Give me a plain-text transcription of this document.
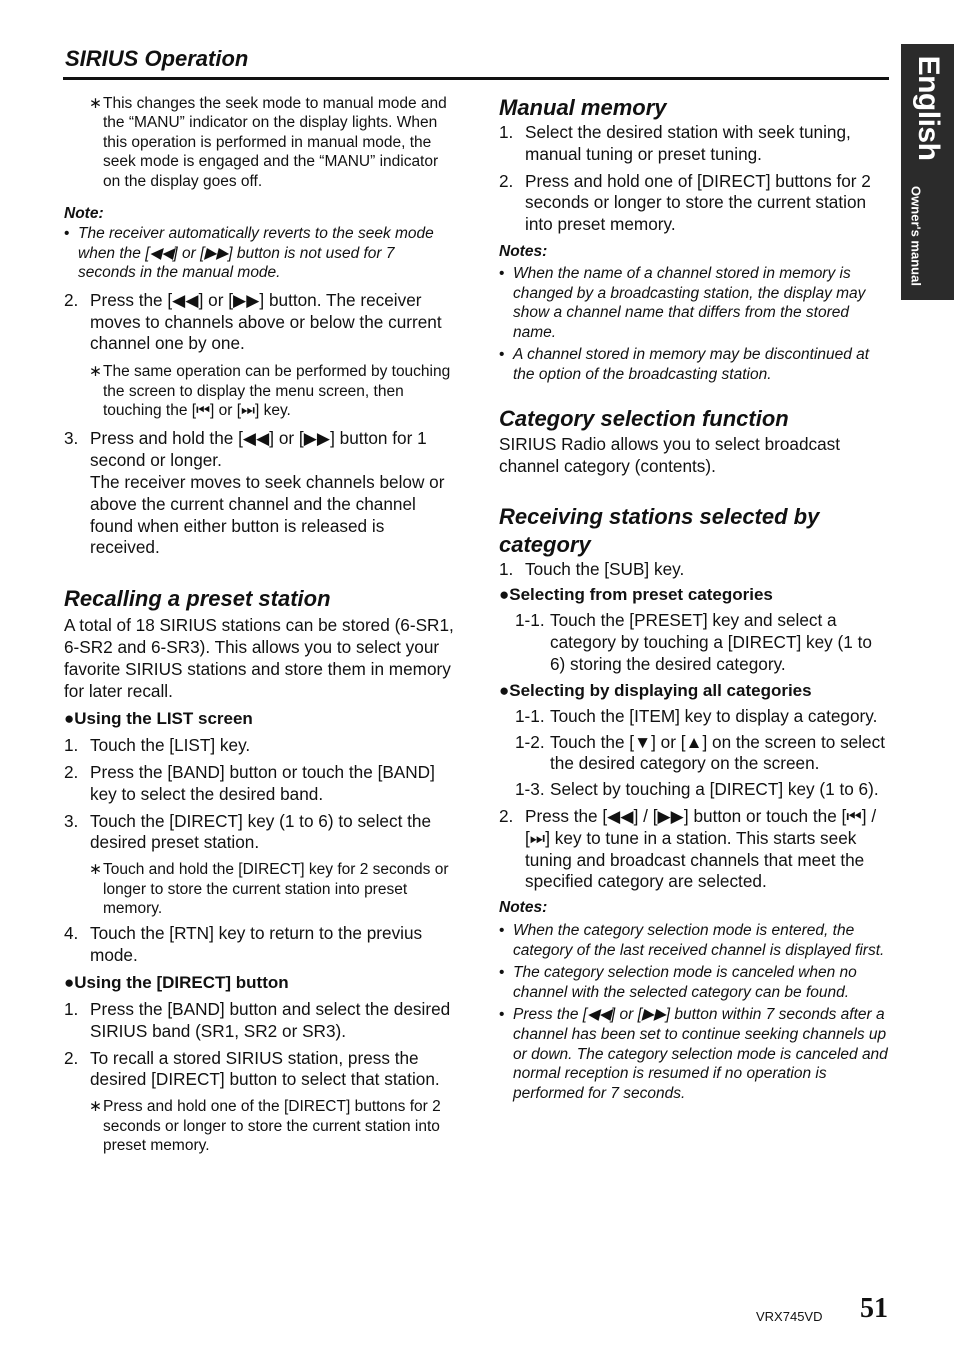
SIRIUS Operation	English
Owner's manual
∗ This changes the seek mode to manual mode and the “MANU” indicator on the display lights. When this operation is performed in manual mode, the seek mode is engaged and the “MANU” indicator on the display goes off.

Note:

• The receiver automatically reverts to the seek mode when the [◀◀] or [▶▶] button is not used for 7 seconds in the manual mode.

2. Press the [◀◀] or [▶▶] button. The receiver moves to channels above or below the current channel one by one.

∗ The same operation can be performed by touching the screen to display the menu screen, then touching the [⏮] or [⏭] key.

3. Press and hold the [◀◀] or [▶▶] button for 1 second or longer.

The receiver moves to seek channels below or above the current channel and the channel found when either button is released is received.

Recalling a preset station

A total of 18 SIRIUS stations can be stored (6-SR1, 6-SR2 and 6-SR3). This allows you to select your favorite SIRIUS stations and store them in memory for later recall.

●Using the LIST screen

1. Touch the [LIST] key.

2. Press the [BAND] button or touch the [BAND] key to select the desired band.

3. Touch the [DIRECT] key (1 to 6) to select the desired preset station.

∗ Touch and hold the [DIRECT] key for 2 seconds or longer to store the current station into preset memory.

4. Touch the [RTN] key to return to the previus mode.

●Using the [DIRECT] button

1. Press the [BAND] button and select the desired SIRIUS band (SR1, SR2 or SR3).

2. To recall a stored SIRIUS station, press the desired [DIRECT] button to select that station.

∗ Press and hold one of the [DIRECT] buttons for 2 seconds or longer to store the current station into preset memory.

Manual memory

1. Select the desired station with seek tuning, manual tuning or preset tuning.

2. Press and hold one of [DIRECT] buttons for 2 seconds or longer to store the current station into preset memory.

Notes:

• When the name of a channel stored in memory is changed by a broadcasting station, the display may show a channel name that differs from the stored name.

• A channel stored in memory may be discontinued at the option of the broadcasting station.

Category selection function

SIRIUS Radio allows you to select broadcast channel category (contents).

Receiving stations selected by category

1. Touch the [SUB] key.

●Selecting from preset categories

1-1. Touch the [PRESET] key and select a category by touching a [DIRECT] key (1 to 6) storing the desired category.

●Selecting by displaying all categories

1-1. Touch the [ITEM] key to display a category.

1-2. Touch the [▼] or [▲] on the screen to select the desired category on the screen.

1-3. Select by touching a [DIRECT] key (1 to 6).

2. Press the [◀◀] / [▶▶] button or touch the [⏮] / [⏭] key to tune in a station. This starts seek tuning and broadcast channels that meet the specified category are selected.

Notes:

• When the category selection mode is entered, the category of the last received channel is displayed first.

• The category selection mode is canceled when no channel with the selected category can be found.

• Press the [◀◀] or [▶▶] button within 7 seconds after a channel has been set to continue seeking channels up or down. The category selection mode is canceled and normal reception is resumed if no operation is performed for 7 seconds.

VRX745VD 51
